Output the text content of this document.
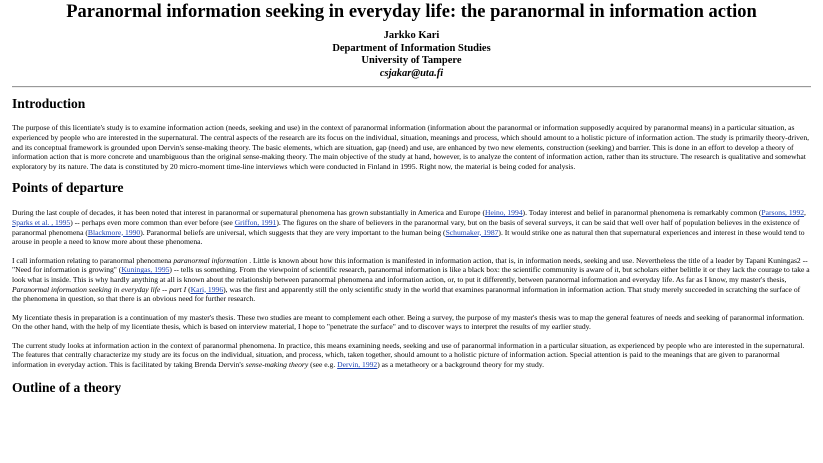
Paranormal information seeking in everyday life: the paranormal in information action
Jarkko Kari
Department of Information Studies
University of Tampere
csjakar@uta.fi
Introduction

The purpose of this licentiate's study is to examine information action (needs, seeking and use) in the context of paranormal information (information about the paranormal or information supposedly acquired by paranormal means) in a particular situation, as experienced by people who are interested in the supernatural. The central aspects of the research are its focus on the individual, situation, meanings and process, which should amount to a holistic picture of information action. The study is primarily theory-driven, and its conceptual framework is grounded upon Dervin's sense-making theory. The basic elements, which are situation, gap (need) and use, are enhanced by two new elements, construction (seeking) and barrier. This is done in an effort to develop a theory of information action that is more concrete and unambiguous than the original sense-making theory. The main objective of the study at hand, however, is to analyze the content of information action, rather than its structure. The research is qualitative and somewhat exploratory by its nature. The data is constituted by 20 micro-moment time-line interviews which were conducted in Finland in 1995. Right now, the material is being coded for analysis.

Points of departure

During the last couple of decades, it has been noted that interest in paranormal or supernatural phenomena has grown substantially in America and Europe (Heino, 1994). Today interest and belief in paranormal phenomena is remarkably common (Parsons, 1992, Sparks et al. , 1995) -- perhaps even more common than ever before (see Griffon, 1991). The figures on the share of believers in the paranormal vary, but on the basis of several surveys, it can be said that well over half of population believes in the existence of paranormal phenomena (Blackmore, 1990). Paranormal beliefs are universal, which suggests that they are very important to the human being (Schumaker, 1987). It would strike one as natural then that supernatural experiences and interest in these would tend to arouse in people a need to know more about these phenomena.

I call information relating to paranormal phenomena paranormal information . Little is known about how this information is manifested in information action, that is, in information needs, seeking and use. Nevertheless the title of a leader by Tapani Kuningas2 -- "Need for information is growing" (Kuningas, 1995) -- tells us something. From the viewpoint of scientific research, paranormal information is like a black box: the scientific community is aware of it, but scholars either belittle it or they lack the courage to take a look what is inside. This is why hardly anything at all is known about the relationship between paranormal phenomena and information action, or, to put it differently, between paranormal information and everyday life. As far as I know, my master's thesis, Paranormal information seeking in everyday life -- part I (Kari, 1996), was the first and apparently still the only scientific study in the world that examines paranormal information in information action. That study merely succeeded in scratching the surface of the phenomena in question, so that there is an obvious need for further research.

My licentiate thesis in preparation is a continuation of my master's thesis. These two studies are meant to complement each other. Being a survey, the purpose of my master's thesis was to map the general features of needs and seeking of paranormal information. On the other hand, with the help of my licentiate thesis, which is based on interview material, I hope to "penetrate the surface" and to discover ways to interpret the results of my earlier study.

The current study looks at information action in the context of paranormal phenomena. In practice, this means examining needs, seeking and use of paranormal information in a particular situation, as experienced by people who are interested in the supernatural. The features that centrally characterize my study are its focus on the individual, situation, and process, which, taken together, should amount to a holistic picture of information action. Special attention is paid to the meanings that are given to paranormal information in everyday action. This is facilitated by taking Brenda Dervin's sense-making theory (see e.g. Dervin, 1992) as a metatheory or a background theory for my study.

Outline of a theory
